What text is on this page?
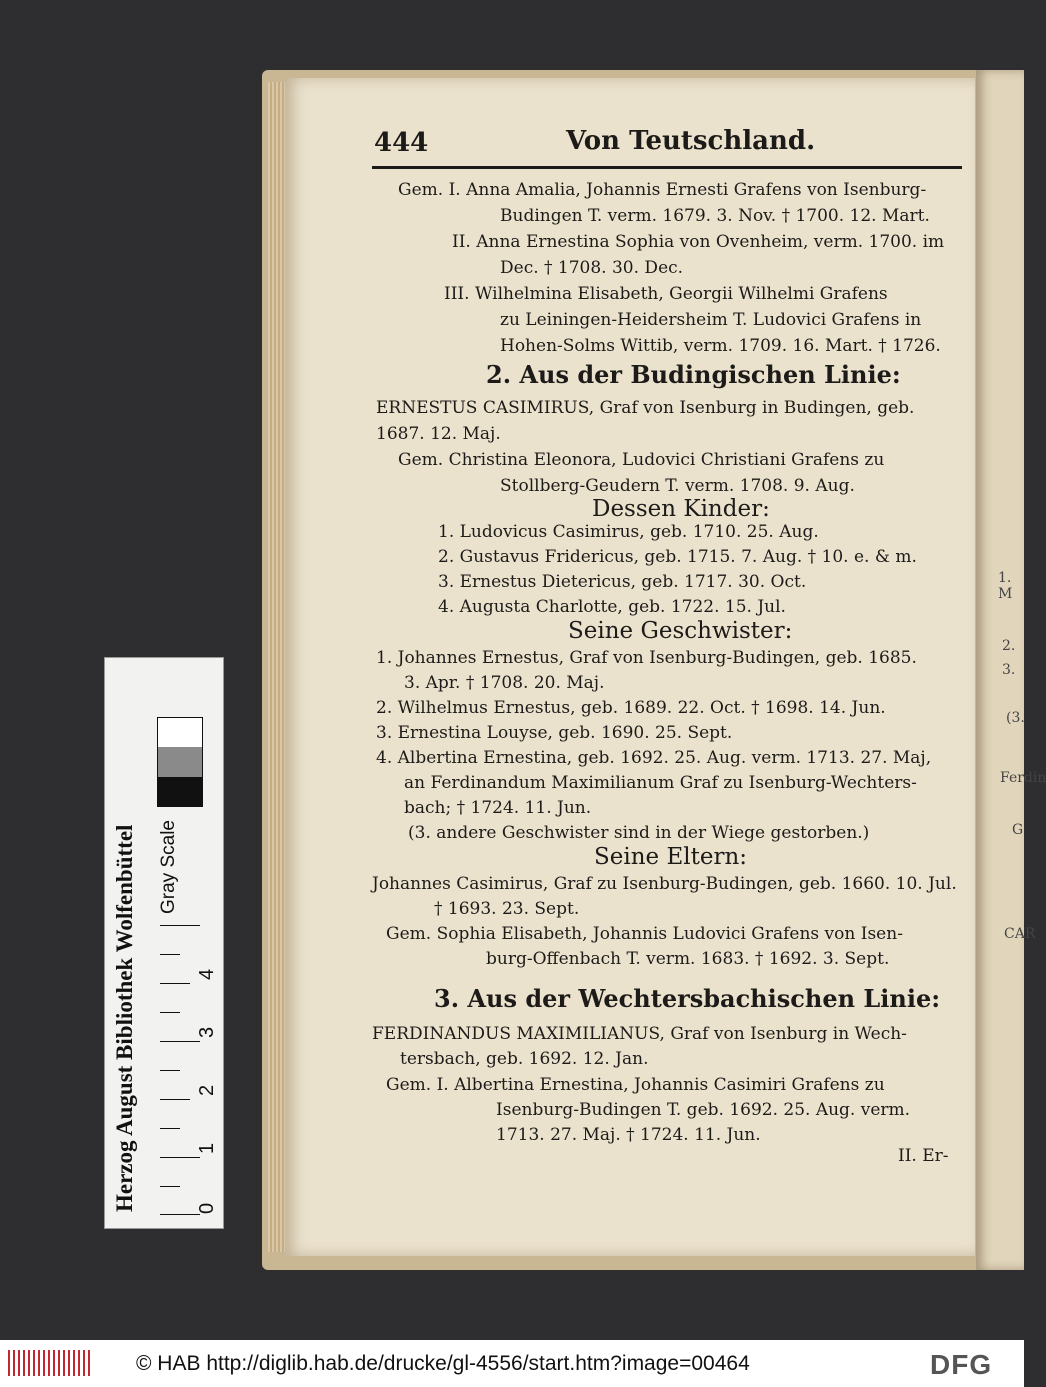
1. M
2.
3.
(3.
Ferdin
G
CAR
444	Von Teutschland.
Gem. I. Anna Amalia, Johannis Ernesti Grafens von Isenburg-
Budingen T. verm. 1679. 3. Nov. † 1700. 12. Mart.
II. Anna Ernestina Sophia von Ovenheim, verm. 1700. im
Dec. † 1708. 30. Dec.
III. Wilhelmina Elisabeth, Georgii Wilhelmi Grafens
zu Leiningen-Heidersheim T. Ludovici Grafens in
Hohen-Solms Wittib, verm. 1709. 16. Mart. † 1726.
2. Aus der Budingischen Linie:
ERNESTUS CASIMIRUS, Graf von Isenburg in Budingen, geb.
1687. 12. Maj.
Gem. Christina Eleonora, Ludovici Christiani Grafens zu
Stollberg-Geudern T. verm. 1708. 9. Aug.
Dessen Kinder:
1. Ludovicus Casimirus, geb. 1710. 25. Aug.
2. Gustavus Fridericus, geb. 1715. 7. Aug. † 10. e. & m.
3. Ernestus Dietericus, geb. 1717. 30. Oct.
4. Augusta Charlotte, geb. 1722. 15. Jul.
Seine Geschwister:
1. Johannes Ernestus, Graf von Isenburg-Budingen, geb. 1685.
3. Apr. † 1708. 20. Maj.
2. Wilhelmus Ernestus, geb. 1689. 22. Oct. † 1698. 14. Jun.
3. Ernestina Louyse, geb. 1690. 25. Sept.
4. Albertina Ernestina, geb. 1692. 25. Aug. verm. 1713. 27. Maj,
an Ferdinandum Maximilianum Graf zu Isenburg-Wechters-
bach; † 1724. 11. Jun.
(3. andere Geschwister sind in der Wiege gestorben.)
Seine Eltern:
Johannes Casimirus, Graf zu Isenburg-Budingen, geb. 1660. 10. Jul.
† 1693. 23. Sept.
Gem. Sophia Elisabeth, Johannis Ludovici Grafens von Isen-
burg-Offenbach T. verm. 1683. † 1692. 3. Sept.
3. Aus der Wechtersbachischen Linie:
FERDINANDUS MAXIMILIANUS, Graf von Isenburg in Wech-
tersbach, geb. 1692. 12. Jan.
Gem. I. Albertina Ernestina, Johannis Casimiri Grafens zu
Isenburg-Budingen T. geb. 1692. 25. Aug. verm.
1713. 27. Maj. † 1724. 11. Jun.
II. Er-
Herzog August Bibliothek Wolfenbüttel Gray Scale
0
1
2
3
4
© HAB http://diglib.hab.de/drucke/gl-4556/start.htm?image=00464	DFG
